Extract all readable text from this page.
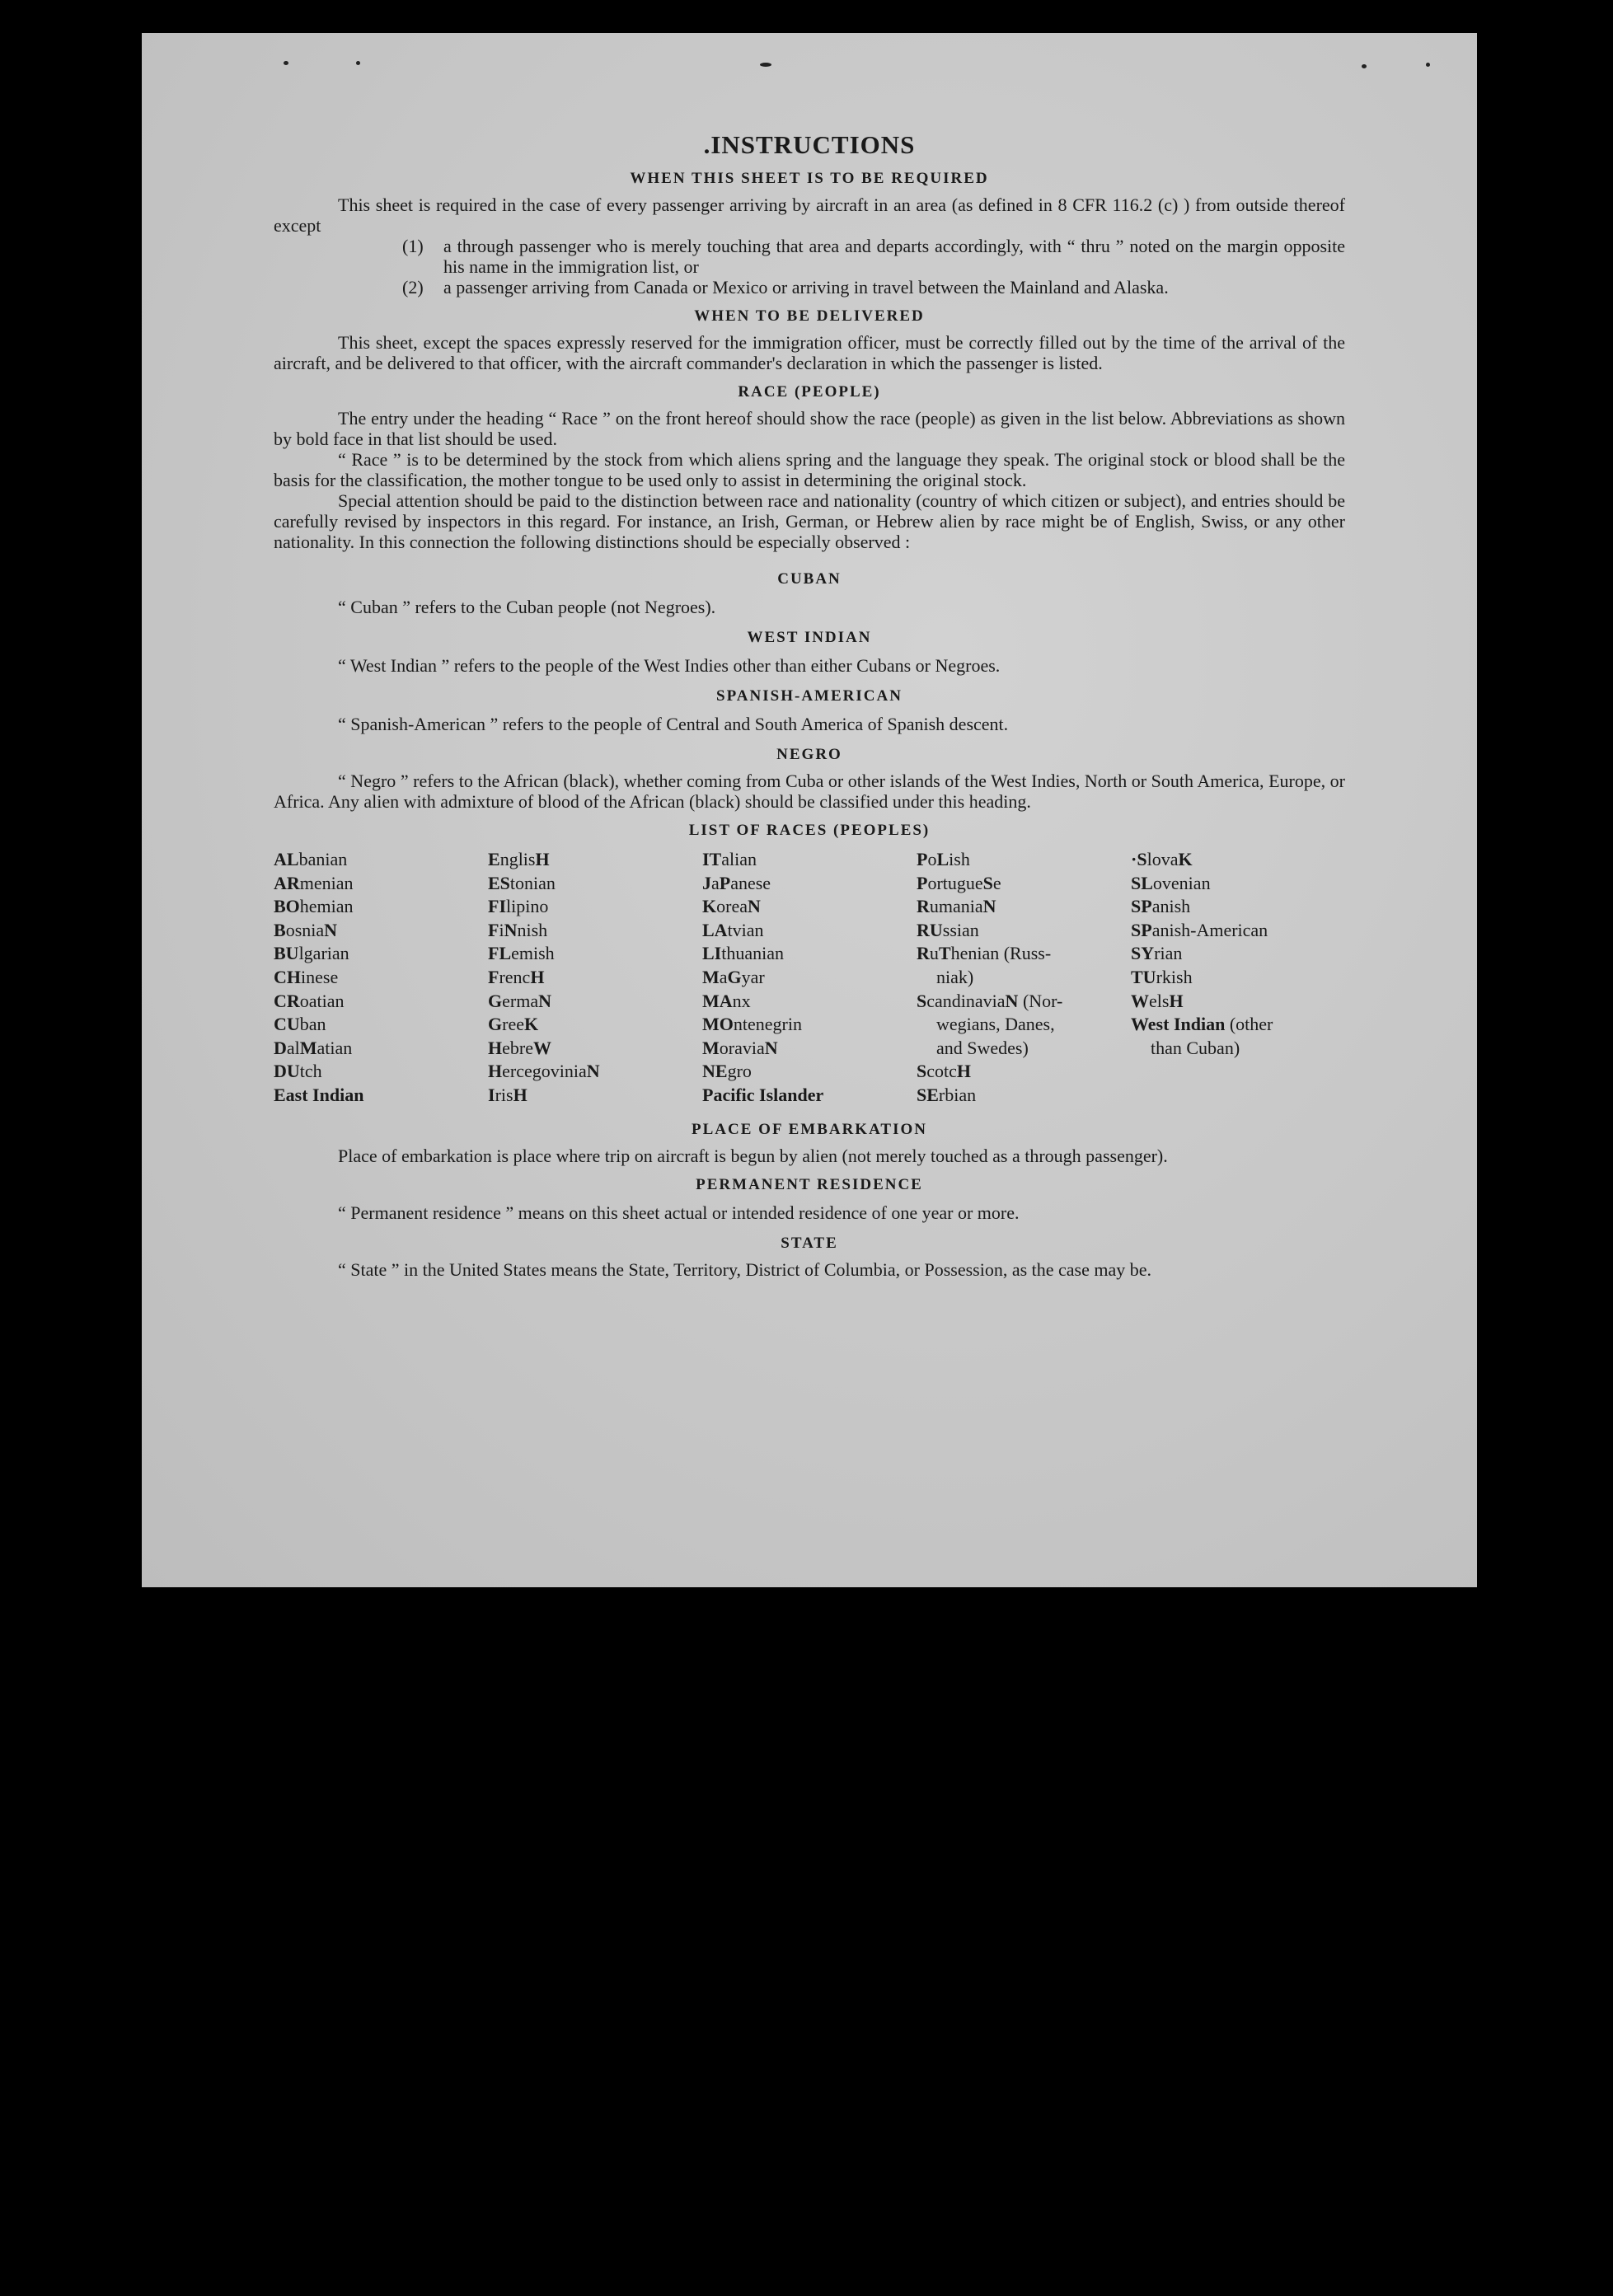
.INSTRUCTIONS
WHEN THIS SHEET IS TO BE REQUIRED

This sheet is required in the case of every passenger arriving by aircraft in an area (as defined in 8 CFR 116.2 (c) ) from outside thereof except

(1)	a through passenger who is merely touching that area and departs accordingly, with “ thru ” noted on the margin opposite his name in the immigration list, or
(2)	a passenger arriving from Canada or Mexico or arriving in travel between the Mainland and Alaska.
WHEN TO BE DELIVERED

This sheet, except the spaces expressly reserved for the immigration officer, must be correctly filled out by the time of the arrival of the aircraft, and be delivered to that officer, with the aircraft commander's declaration in which the passenger is listed.

RACE (PEOPLE)

The entry under the heading “ Race ” on the front hereof should show the race (people) as given in the list below. Abbreviations as shown by bold face in that list should be used.

“ Race ” is to be determined by the stock from which aliens spring and the language they speak. The original stock or blood shall be the basis for the classification, the mother tongue to be used only to assist in determining the original stock.

Special attention should be paid to the distinction between race and nationality (country of which citizen or subject), and entries should be carefully revised by inspectors in this regard. For instance, an Irish, German, or Hebrew alien by race might be of English, Swiss, or any other nationality. In this connection the following distinctions should be especially observed :

CUBAN
“ Cuban ” refers to the Cuban people (not Negroes).
WEST INDIAN
“ West Indian ” refers to the people of the West Indies other than either Cubans or Negroes.
SPANISH-AMERICAN
“ Spanish-American ” refers to the people of Central and South America of Spanish descent.
NEGRO

“ Negro ” refers to the African (black), whether coming from Cuba or other islands of the West Indies, North or South America, Europe, or Africa. Any alien with admixture of blood of the African (black) should be classified under this heading.

LIST OF RACES (PEOPLES)
ALbanian
ARmenian
BOhemian
BosniaN
BUlgarian
CHinese
CRoatian
CUban
DalMatian
DUtch
East Indian
EnglisH
EStonian
FIlipino
FiNnish
FLemish
FrencH
GermaN
GreeK
HebreW
HercegoviniaN
IrisH
ITalian
JaPanese
KoreaN
LAtvian
LIthuanian
MaGyar
MAnx
MOntenegrin
MoraviaN
NEgro
Pacific Islander
PoLish
PortugueSe
RumaniaN
RUssian
RuThenian (Russ-
niak)
ScandinaviaN (Nor-
wegians, Danes,
and Swedes)
ScotcH
SErbian
·SlovaK
SLovenian
SPanish
SPanish-American
SYrian
TUrkish
WelsH
West Indian (other
than Cuban)
PLACE OF EMBARKATION

Place of embarkation is place where trip on aircraft is begun by alien (not merely touched as a through passenger).

PERMANENT RESIDENCE
“ Permanent residence ” means on this sheet actual or intended residence of one year or more.
STATE

“ State ” in the United States means the State, Territory, District of Columbia, or Possession, as the case may be.
